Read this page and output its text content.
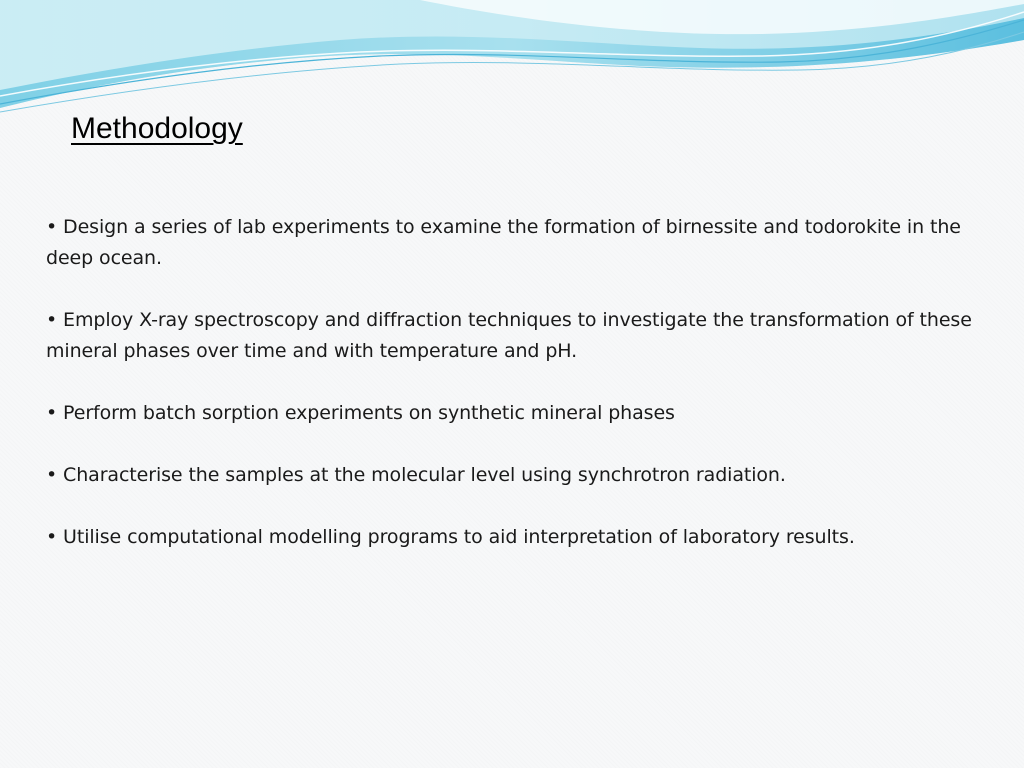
Methodology
• Design a series of lab experiments to examine the formation of birnessite and todorokite in the deep ocean.
• Employ X-ray spectroscopy and diffraction techniques to investigate the transformation of these mineral phases over time and with temperature and pH.
• Perform batch sorption experiments on synthetic mineral phases
• Characterise the samples at the molecular level using synchrotron radiation.
• Utilise computational modelling programs to aid interpretation of laboratory results.
